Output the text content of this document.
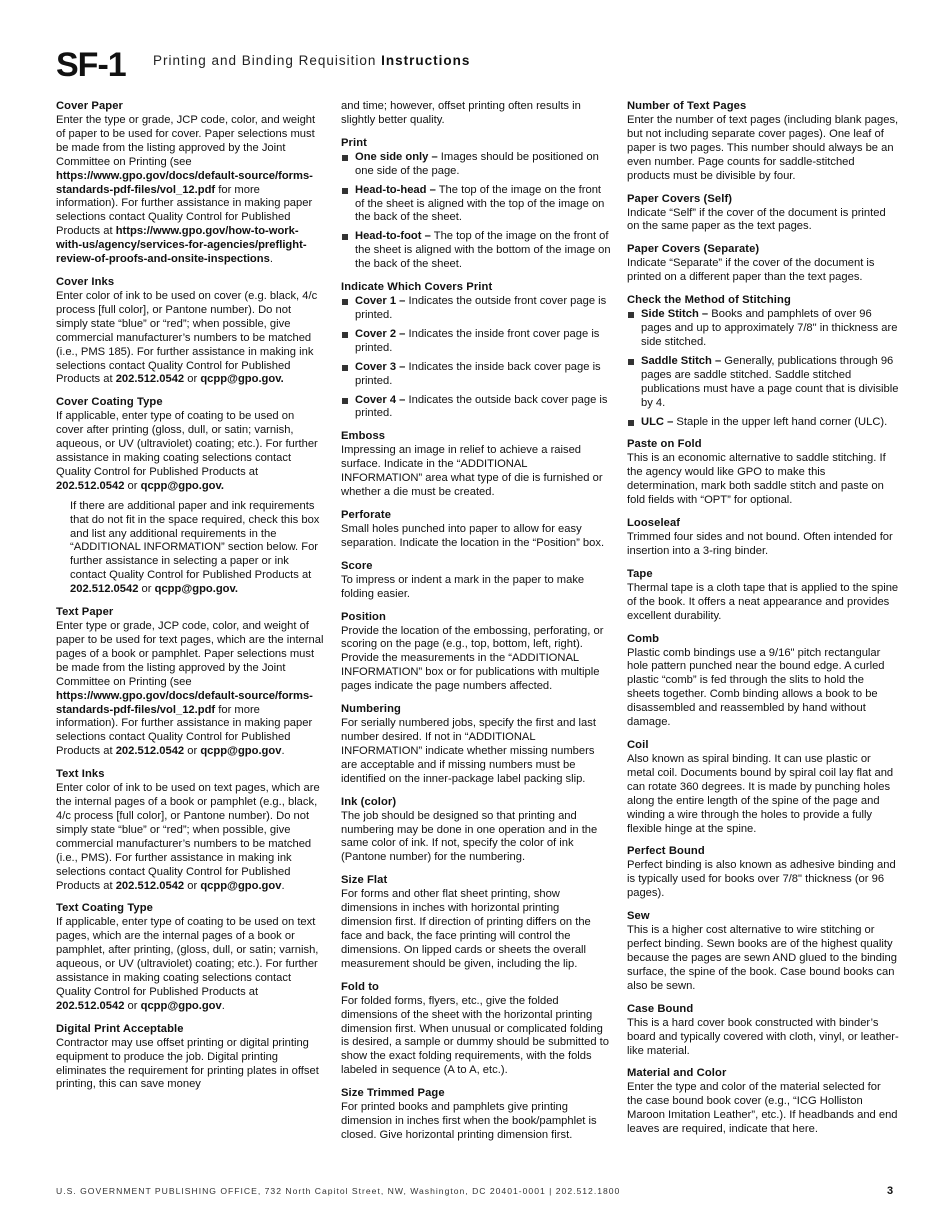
SF-1 Printing and Binding Requisition Instructions
Cover Paper
Enter the type or grade, JCP code, color, and weight of paper to be used for cover. Paper selections must be made from the listing approved by the Joint Committee on Printing (see https://www.gpo.gov/docs/default-source/forms-standards-pdf-files/vol_12.pdf for more information). For further assistance in making paper selections contact Quality Control for Published Products at https://www.gpo.gov/how-to-work-with-us/agency/services-for-agencies/preflight-review-of-proofs-and-onsite-inspections.
Cover Inks
Enter color of ink to be used on cover (e.g. black, 4/c process [full color], or Pantone number). Do not simply state “blue” or “red”; when possible, give commercial manufacturer’s numbers to be matched (i.e., PMS 185). For further assistance in making ink selections contact Quality Control for Published Products at 202.512.0542 or qcpp@gpo.gov.
Cover Coating Type
If applicable, enter type of coating to be used on cover after printing (gloss, dull, or satin; varnish, aqueous, or UV (ultraviolet) coating; etc.). For further assistance in making coating selections contact Quality Control for Published Products at 202.512.0542 or qcpp@gpo.gov.
If there are additional paper and ink requirements that do not fit in the space required, check this box and list any additional requirements in the “ADDITIONAL INFORMATION” section below. For further assistance in selecting a paper or ink contact Quality Control for Published Products at 202.512.0542 or qcpp@gpo.gov.
Text Paper
Enter type or grade, JCP code, color, and weight of paper to be used for text pages, which are the internal pages of a book or pamphlet. Paper selections must be made from the listing approved by the Joint Committee on Printing (see https://www.gpo.gov/docs/default-source/forms-standards-pdf-files/vol_12.pdf for more information). For further assistance in making paper selections contact Quality Control for Published Products at 202.512.0542 or qcpp@gpo.gov.
Text Inks
Enter color of ink to be used on text pages, which are the internal pages of a book or pamphlet (e.g., black, 4/c process [full color], or Pantone number). Do not simply state “blue” or “red”; when possible, give commercial manufacturer’s numbers to be matched (i.e., PMS). For further assistance in making ink selections contact Quality Control for Published Products at 202.512.0542 or qcpp@gpo.gov.
Text Coating Type
If applicable, enter type of coating to be used on text pages, which are the internal pages of a book or pamphlet, after printing, (gloss, dull, or satin; varnish, aqueous, or UV (ultraviolet) coating; etc.). For further assistance in making coating selections contact Quality Control for Published Products at 202.512.0542 or qcpp@gpo.gov.
Digital Print Acceptable
Contractor may use offset printing or digital printing equipment to produce the job. Digital printing eliminates the requirement for printing plates in offset printing, this can save money
and time; however, offset printing often results in slightly better quality.
Print
One side only – Images should be positioned on one side of the page.
Head-to-head – The top of the image on the front of the sheet is aligned with the top of the image on the back of the sheet.
Head-to-foot – The top of the image on the front of the sheet is aligned with the bottom of the image on the back of the sheet.
Indicate Which Covers Print
Cover 1 – Indicates the outside front cover page is printed.
Cover 2 – Indicates the inside front cover page is printed.
Cover 3 – Indicates the inside back cover page is printed.
Cover 4 – Indicates the outside back cover page is printed.
Emboss
Impressing an image in relief to achieve a raised surface. Indicate in the “ADDITIONAL INFORMATION” area what type of die is furnished or whether a die must be created.
Perforate
Small holes punched into paper to allow for easy separation. Indicate the location in the “Position” box.
Score
To impress or indent a mark in the paper to make folding easier.
Position
Provide the location of the embossing, perforating, or scoring on the page (e.g., top, bottom, left, right). Provide the measurements in the “ADDITIONAL INFORMATION” box or for publications with multiple pages indicate the page numbers affected.
Numbering
For serially numbered jobs, specify the first and last number desired. If not in “ADDITIONAL INFORMATION” indicate whether missing numbers are acceptable and if missing numbers must be identified on the inner-package label packing slip.
Ink (color)
The job should be designed so that printing and numbering may be done in one operation and in the same color of ink. If not, specify the color of ink (Pantone number) for the numbering.
Size Flat
For forms and other flat sheet printing, show dimensions in inches with horizontal printing dimension first. If direction of printing differs on the face and back, the face printing will control the dimensions. On lipped cards or sheets the overall measurement should be given, including the lip.
Fold to
For folded forms, flyers, etc., give the folded dimensions of the sheet with the horizontal printing dimension first. When unusual or complicated folding is desired, a sample or dummy should be submitted to show the exact folding requirements, with the folds labeled in sequence (A to A, etc.).
Size Trimmed Page
For printed books and pamphlets give printing dimension in inches first when the book/pamphlet is closed. Give horizontal printing dimension first.
Number of Text Pages
Enter the number of text pages (including blank pages, but not including separate cover pages). One leaf of paper is two pages. This number should always be an even number. Page counts for saddle-stitched products must be divisible by four.
Paper Covers (Self)
Indicate “Self” if the cover of the document is printed on the same paper as the text pages.
Paper Covers (Separate)
Indicate “Separate” if the cover of the document is printed on a different paper than the text pages.
Check the Method of Stitching
Side Stitch – Books and pamphlets of over 96 pages and up to approximately 7/8" in thickness are side stitched.
Saddle Stitch – Generally, publications through 96 pages are saddle stitched. Saddle stitched publications must have a page count that is divisible by 4.
ULC – Staple in the upper left hand corner (ULC).
Paste on Fold
This is an economic alternative to saddle stitching. If the agency would like GPO to make this determination, mark both saddle stitch and paste on fold fields with “OPT” for optional.
Looseleaf
Trimmed four sides and not bound. Often intended for insertion into a 3-ring binder.
Tape
Thermal tape is a cloth tape that is applied to the spine of the book. It offers a neat appearance and provides excellent durability.
Comb
Plastic comb bindings use a 9/16" pitch rectangular hole pattern punched near the bound edge. A curled plastic “comb” is fed through the slits to hold the sheets together. Comb binding allows a book to be disassembled and reassembled by hand without damage.
Coil
Also known as spiral binding. It can use plastic or metal coil. Documents bound by spiral coil lay flat and can rotate 360 degrees. It is made by punching holes along the entire length of the spine of the page and winding a wire through the holes to provide a fully flexible hinge at the spine.
Perfect Bound
Perfect binding is also known as adhesive binding and is typically used for books over 7/8" thickness (or 96 pages).
Sew
This is a higher cost alternative to wire stitching or perfect binding. Sewn books are of the highest quality because the pages are sewn AND glued to the binding surface, the spine of the book. Case bound books can also be sewn.
Case Bound
This is a hard cover book constructed with binder’s board and typically covered with cloth, vinyl, or leather-like material.
Material and Color
Enter the type and color of the material selected for the case bound book cover (e.g., “ICG Holliston Maroon Imitation Leather”, etc.). If headbands and end leaves are required, indicate that here.
U.S. GOVERNMENT PUBLISHING OFFICE, 732 North Capitol Street, NW, Washington, DC 20401-0001 | 202.512.1800	3
